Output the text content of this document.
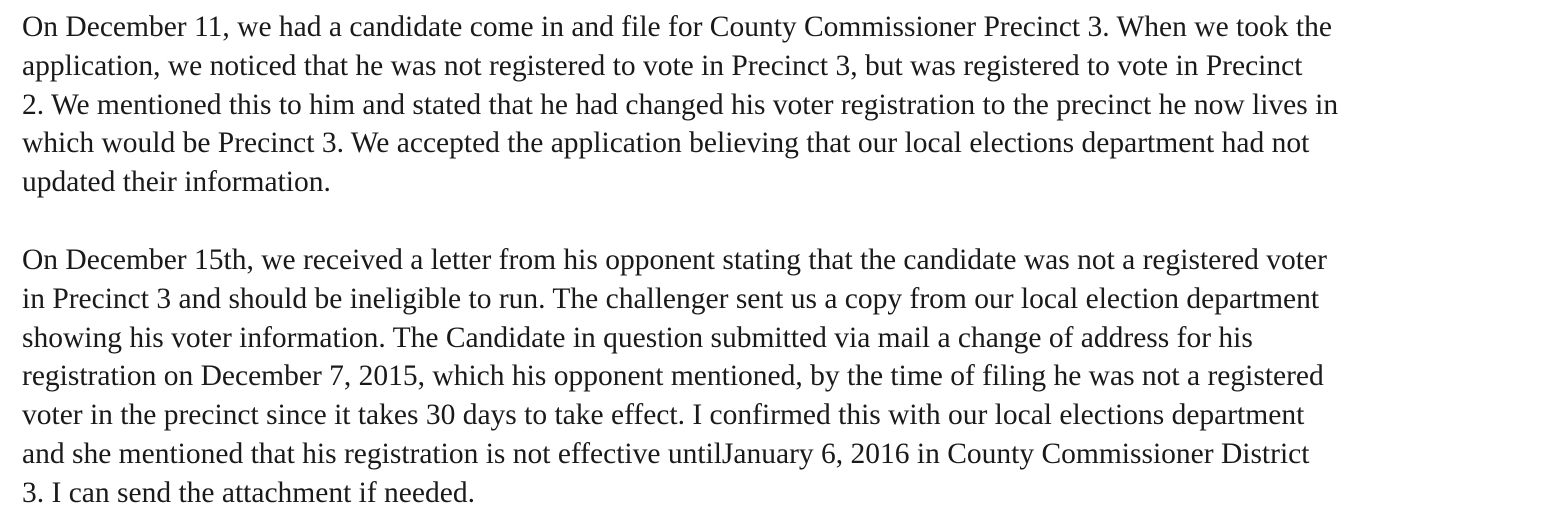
On December 11, we had a candidate come in and file for County Commissioner Precinct 3. When we took the
application, we noticed that he was not registered to vote in Precinct 3, but was registered to vote in Precinct
2. We mentioned this to him and stated that he had changed his voter registration to the precinct he now lives in
which would be Precinct 3. We accepted the application believing that our local elections department had not
updated their information.

On December 15th, we received a letter from his opponent stating that the candidate was not a registered voter
in Precinct 3 and should be ineligible to run. The challenger sent us a copy from our local election department
showing his voter information. The Candidate in question submitted via mail a change of address for his
registration on December 7, 2015, which his opponent mentioned, by the time of filing he was not a registered
voter in the precinct since it takes 30 days to take effect. I confirmed this with our local elections department
and she mentioned that his registration is not effective untilJanuary 6, 2016 in County Commissioner District
3. I can send the attachment if needed.
